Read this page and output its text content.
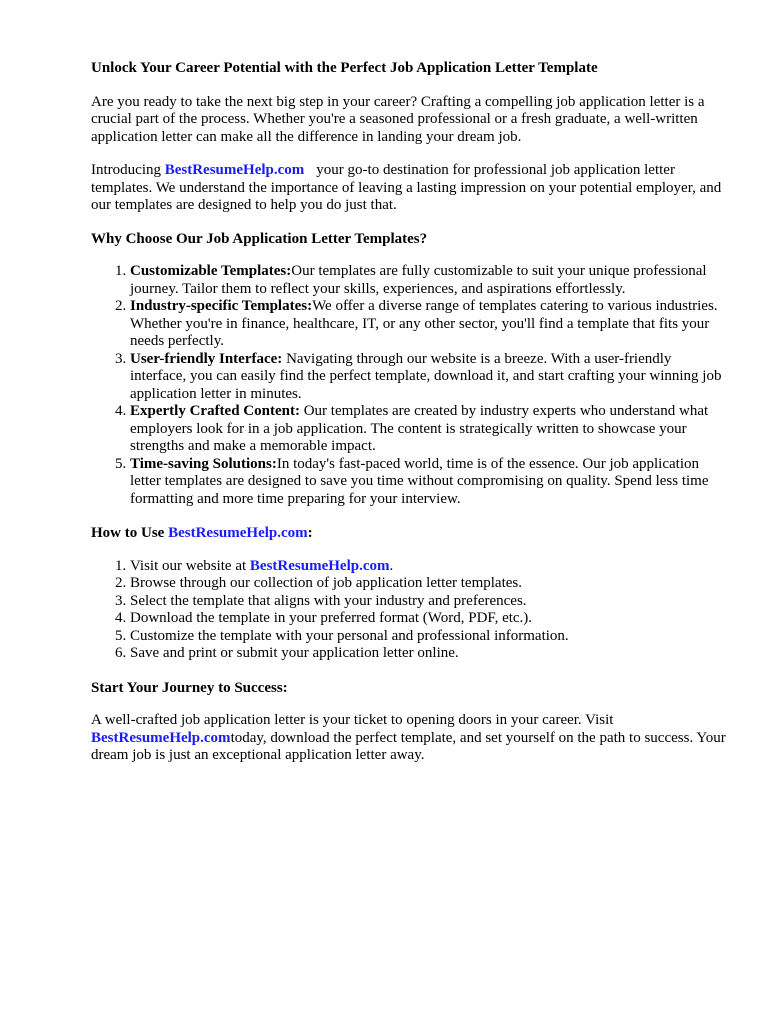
Unlock Your Career Potential with the Perfect Job Application Letter Template

Are you ready to take the next big step in your career? Crafting a compelling job application letter is a crucial part of the process. Whether you're a seasoned professional or a fresh graduate, a well-written application letter can make all the difference in landing your dream job.

Introducing BestResumeHelp.com your go-to destination for professional job application letter templates. We understand the importance of leaving a lasting impression on your potential employer, and our templates are designed to help you do just that.

Why Choose Our Job Application Letter Templates?
1. Customizable Templates:Our templates are fully customizable to suit your unique professional journey. Tailor them to reflect your skills, experiences, and aspirations effortlessly.
2. Industry-specific Templates:We offer a diverse range of templates catering to various industries. Whether you're in finance, healthcare, IT, or any other sector, you'll find a template that fits your needs perfectly.
3. User-friendly Interface: Navigating through our website is a breeze. With a user-friendly interface, you can easily find the perfect template, download it, and start crafting your winning job application letter in minutes.
4. Expertly Crafted Content: Our templates are created by industry experts who understand what employers look for in a job application. The content is strategically written to showcase your strengths and make a memorable impact.
5. Time-saving Solutions:In today's fast-paced world, time is of the essence. Our job application letter templates are designed to save you time without compromising on quality. Spend less time formatting and more time preparing for your interview.
How to Use BestResumeHelp.com:
1. Visit our website at BestResumeHelp.com.
2. Browse through our collection of job application letter templates.
3. Select the template that aligns with your industry and preferences.
4. Download the template in your preferred format (Word, PDF, etc.).
5. Customize the template with your personal and professional information.
6. Save and print or submit your application letter online.
Start Your Journey to Success:

A well-crafted job application letter is your ticket to opening doors in your career. Visit BestResumeHelp.comtoday, download the perfect template, and set yourself on the path to success. Your dream job is just an exceptional application letter away.
